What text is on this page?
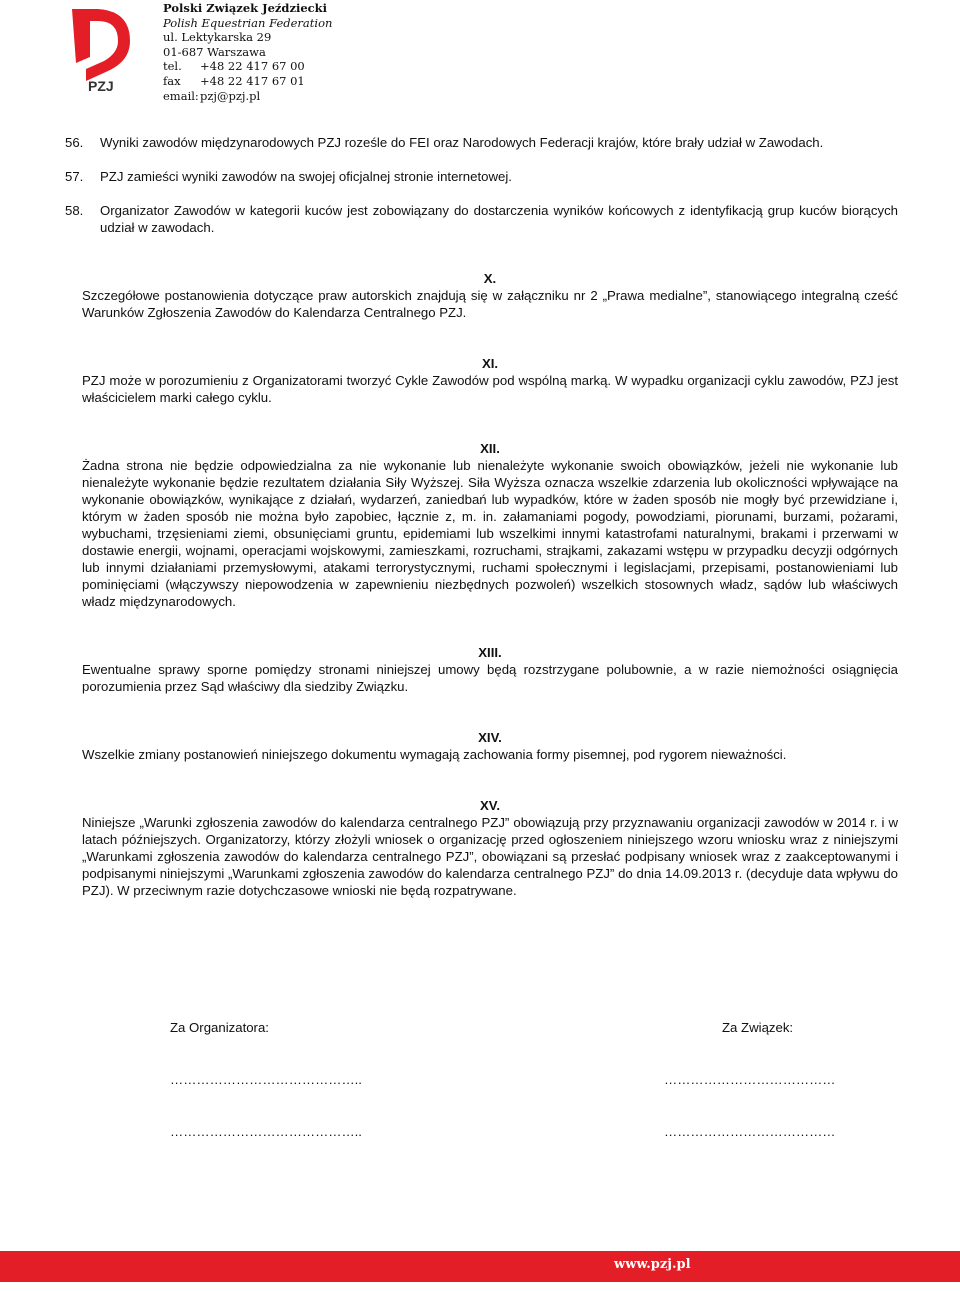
PZJ
Polski Związek Jeździecki
Polish Equestrian Federation
ul. Lektykarska 29
01-687 Warszawa
tel. +48 22 417 67 00
fax +48 22 417 67 01
email:pzj@pzj.pl
56.	Wyniki zawodów międzynarodowych PZJ roześle do FEI oraz Narodowych Federacji krajów, które brały udział w Zawodach.
57.	PZJ zamieści wyniki zawodów na swojej oficjalnej stronie internetowej.
58.	Organizator Zawodów w kategorii kuców jest zobowiązany do dostarczenia wyników końcowych z identyfikacją grup kuców biorących udział w zawodach.
X.
Szczegółowe postanowienia dotyczące praw autorskich znajdują się w załączniku nr 2 „Prawa medialne”, stanowiącego integralną cześć Warunków Zgłoszenia Zawodów do Kalendarza Centralnego PZJ.
XI.
PZJ może w porozumieniu z Organizatorami tworzyć Cykle Zawodów pod wspólną marką. W wypadku organizacji cyklu zawodów, PZJ jest właścicielem marki całego cyklu.
XII.
Żadna strona nie będzie odpowiedzialna za nie wykonanie lub nienależyte wykonanie swoich obowiązków, jeżeli nie wykonanie lub nienależyte wykonanie będzie rezultatem działania Siły Wyższej. Siła Wyższa oznacza wszelkie zdarzenia lub okoliczności wpływające na wykonanie obowiązków, wynikające z działań, wydarzeń, zaniedbań lub wypadków, które w żaden sposób nie mogły być przewidziane i, którym w żaden sposób nie można było zapobiec, łącznie z, m. in. załamaniami pogody, powodziami, piorunami, burzami, pożarami, wybuchami, trzęsieniami ziemi, obsunięciami gruntu, epidemiami lub wszelkimi innymi katastrofami naturalnymi, brakami i przerwami w dostawie energii, wojnami, operacjami wojskowymi, zamieszkami, rozruchami, strajkami, zakazami wstępu w przypadku decyzji odgórnych lub innymi działaniami przemysłowymi, atakami terrorystycznymi, ruchami społecznymi i legislacjami, przepisami, postanowieniami lub pominięciami (włączywszy niepowodzenia w zapewnieniu niezbędnych pozwoleń) wszelkich stosownych władz, sądów lub właściwych władz międzynarodowych.
XIII.
Ewentualne sprawy sporne pomiędzy stronami niniejszej umowy będą rozstrzygane polubownie, a w razie niemożności osiągnięcia porozumienia przez Sąd właściwy dla siedziby Związku.
XIV.
Wszelkie zmiany postanowień niniejszego dokumentu wymagają zachowania formy pisemnej, pod rygorem nieważności.
XV.
Niniejsze „Warunki zgłoszenia zawodów do kalendarza centralnego PZJ” obowiązują przy przyznawaniu organizacji zawodów w 2014 r. i w latach późniejszych. Organizatorzy, którzy złożyli wniosek o organizację przed ogłoszeniem niniejszego wzoru wniosku wraz z niniejszymi „Warunkami zgłoszenia zawodów do kalendarza centralnego PZJ”, obowiązani są przesłać podpisany wniosek wraz z zaakceptowanymi i podpisanymi niniejszymi „Warunkami zgłoszenia zawodów do kalendarza centralnego PZJ” do dnia 14.09.2013 r. (decyduje data wpływu do PZJ). W przeciwnym razie dotychczasowe wnioski nie będą rozpatrywane.
Za Organizatora:	Za Związek:
……………………………………..	…………………………………
……………………………………..	…………………………………
www.pzj.pl
